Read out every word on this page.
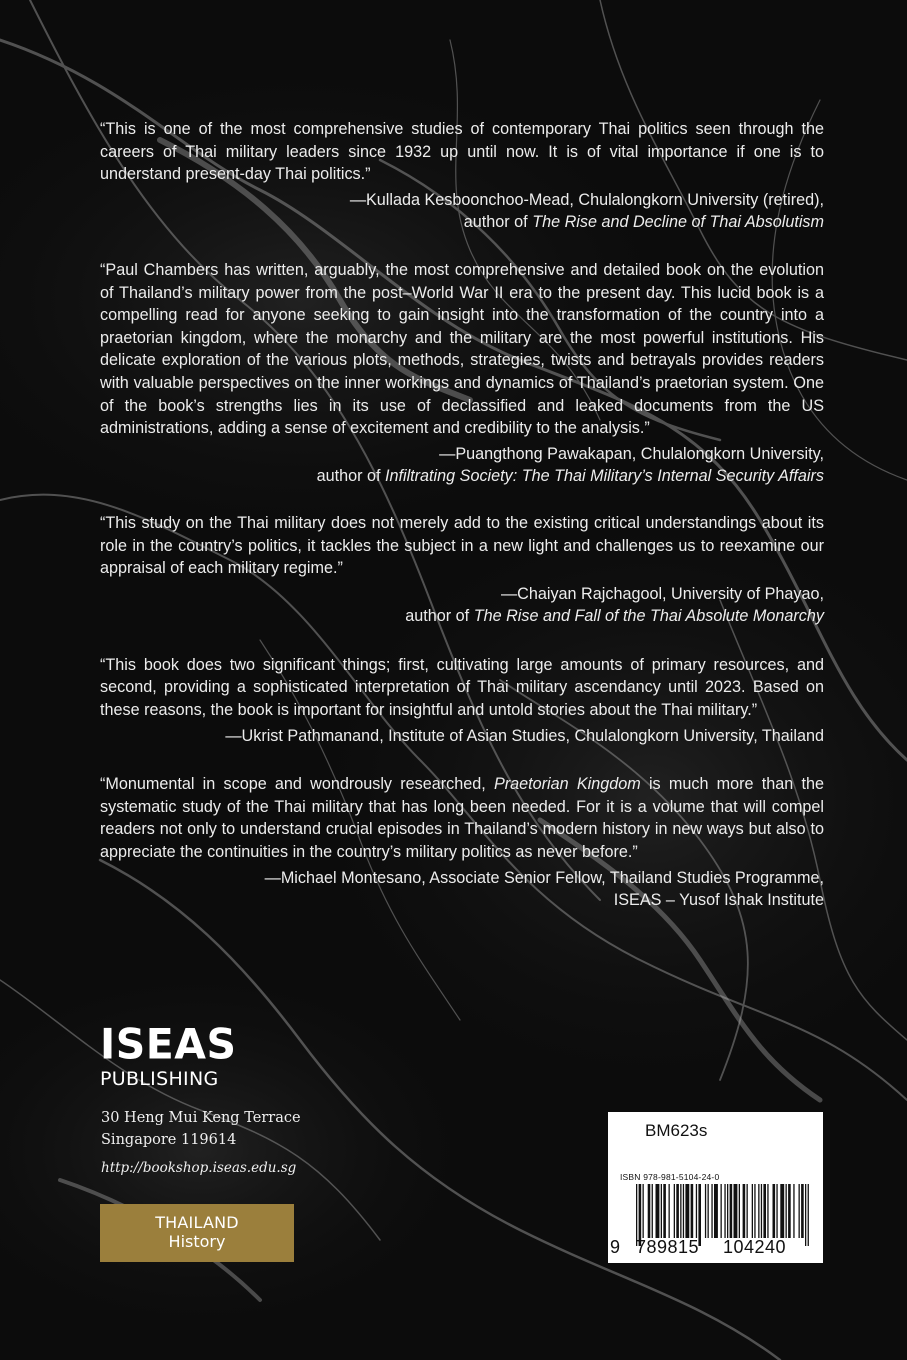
“This is one of the most comprehensive studies of contemporary Thai politics seen through the careers of Thai military leaders since 1932 up until now. It is of vital importance if one is to understand present-day Thai politics.”

—Kullada Kesboonchoo-Mead, Chulalongkorn University (retired),
author of The Rise and Decline of Thai Absolutism

“Paul Chambers has written, arguably, the most comprehensive and detailed book on the evolution of Thailand’s military power from the post–World War II era to the present day. This lucid book is a compelling read for anyone seeking to gain insight into the transformation of the country into a praetorian kingdom, where the monarchy and the military are the most powerful institutions. His delicate exploration of the various plots, methods, strategies, twists and betrayals provides readers with valuable perspectives on the inner workings and dynamics of Thailand’s praetorian system. One of the book’s strengths lies in its use of declassified and leaked documents from the US administrations, adding a sense of excitement and credibility to the analysis.”

—Puangthong Pawakapan, Chulalongkorn University,
author of Infiltrating Society: The Thai Military’s Internal Security Affairs

“This study on the Thai military does not merely add to the existing critical understandings about its role in the country’s politics, it tackles the subject in a new light and challenges us to reexamine our appraisal of each military regime.”

—Chaiyan Rajchagool, University of Phayao,
author of The Rise and Fall of the Thai Absolute Monarchy

“This book does two significant things; first, cultivating large amounts of primary resources, and second, providing a sophisticated interpretation of Thai military ascendancy until 2023. Based on these reasons, the book is important for insightful and untold stories about the Thai military.”

—Ukrist Pathmanand, Institute of Asian Studies, Chulalongkorn University, Thailand

“Monumental in scope and wondrously researched, Praetorian Kingdom is much more than the systematic study of the Thai military that has long been needed. For it is a volume that will compel readers not only to understand crucial episodes in Thailand’s modern history in new ways but also to appreciate the continuities in the country’s military politics as never before.”

—Michael Montesano, Associate Senior Fellow, Thailand Studies Programme,
ISEAS – Yusof Ishak Institute

ISEAS
PUBLISHING
30 Heng Mui Keng Terrace
Singapore 119614
http://bookshop.iseas.edu.sg
THAILAND
History
BM623s
ISBN 978-981-5104-24-0
9 789815 104240
